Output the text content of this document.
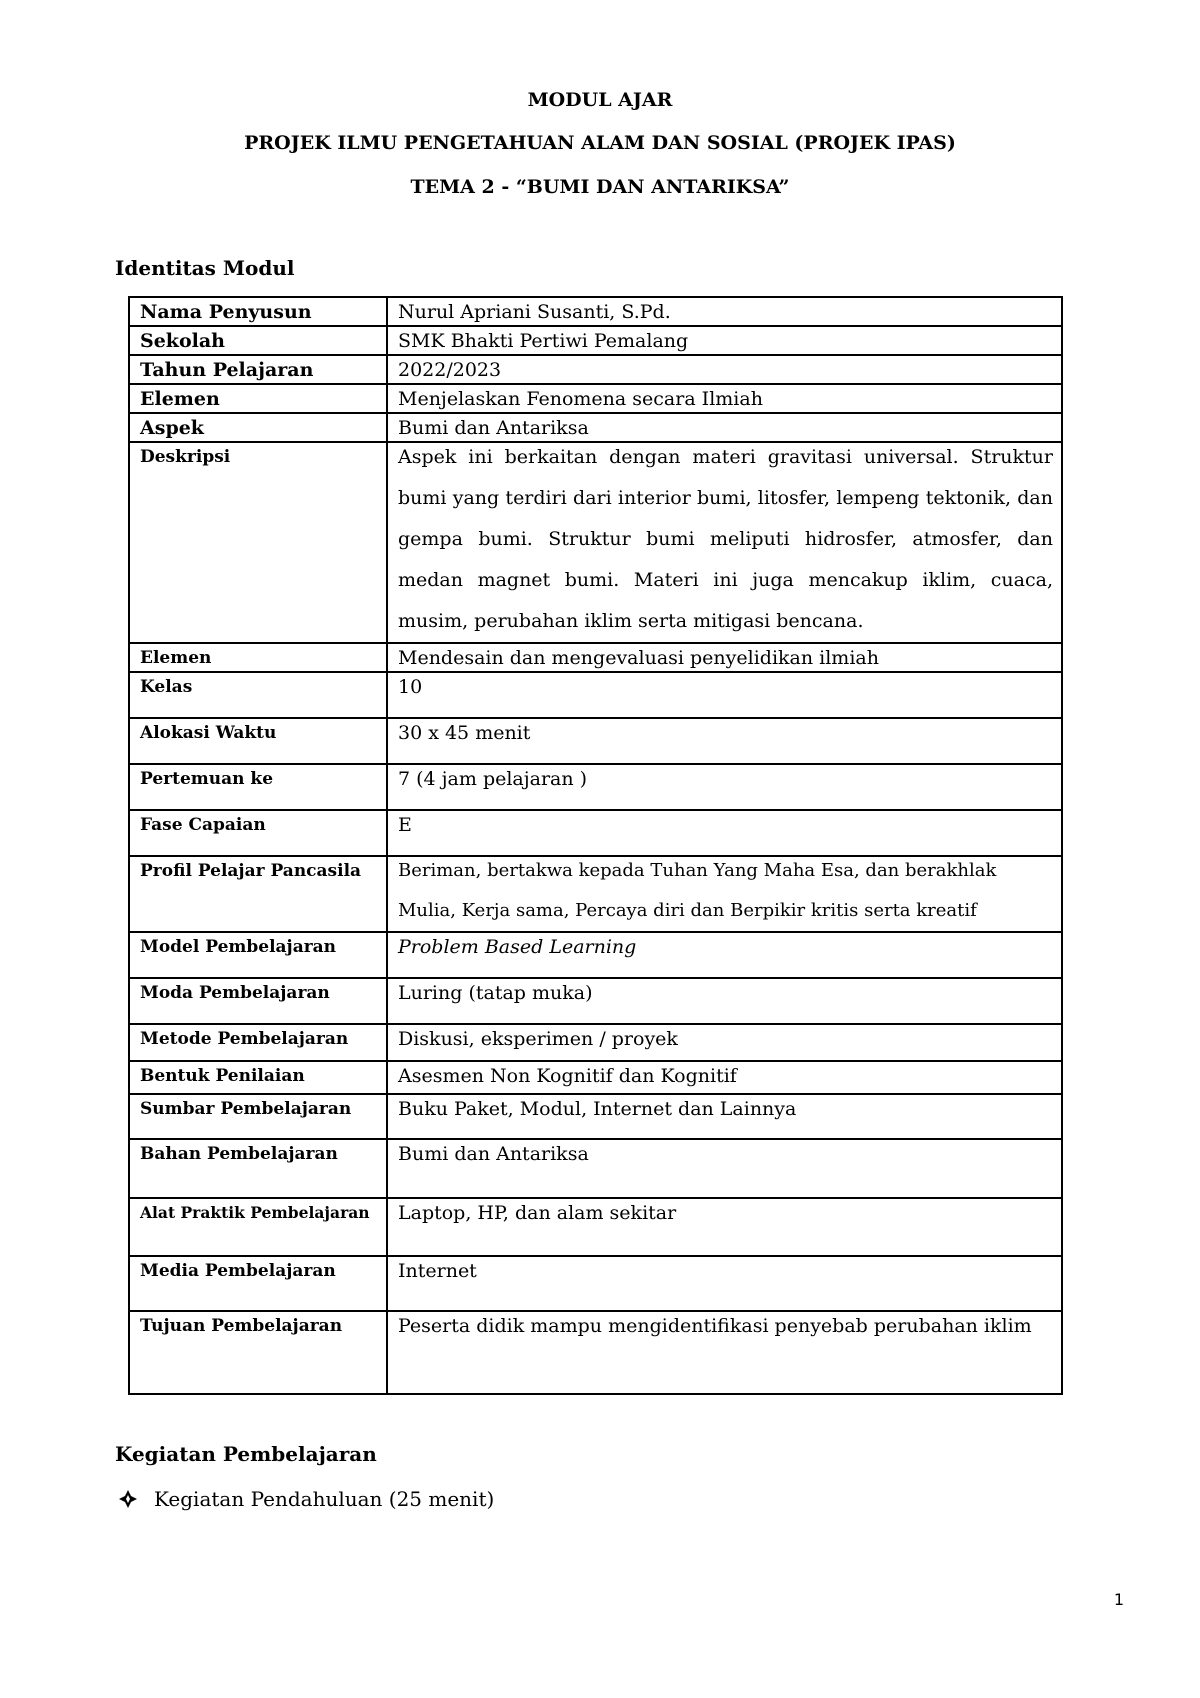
MODUL AJAR
PROJEK ILMU PENGETAHUAN ALAM DAN SOSIAL (PROJEK IPAS)
TEMA 2 - “BUMI DAN ANTARIKSA”
Identitas Modul
Nama Penyusun	Nurul Apriani Susanti, S.Pd.

Sekolah	SMK Bhakti Pertiwi Pemalang

Tahun Pelajaran	2022/2023

Elemen	Menjelaskan Fenomena secara Ilmiah

Aspek	Bumi dan Antariksa

Deskripsi	Aspek ini berkaitan dengan materi gravitasi universal. Struktur bumi yang terdiri dari interior bumi, litosfer, lempeng tektonik, dan gempa bumi. Struktur bumi meliputi hidrosfer, atmosfer, dan medan magnet bumi. Materi ini juga mencakup iklim, cuaca, musim, perubahan iklim serta mitigasi bencana.

Elemen	Mendesain dan mengevaluasi penyelidikan ilmiah

Kelas	10

Alokasi Waktu	30 x 45 menit

Pertemuan ke	7 (4 jam pelajaran )

Fase Capaian	E

Profil Pelajar Pancasila	Beriman, bertakwa kepada Tuhan Yang Maha Esa, dan berakhlak Mulia, Kerja sama, Percaya diri dan Berpikir kritis serta kreatif

Model Pembelajaran	Problem Based Learning

Moda Pembelajaran	Luring (tatap muka)

Metode Pembelajaran	Diskusi, eksperimen / proyek

Bentuk Penilaian	Asesmen Non Kognitif dan Kognitif

Sumbar Pembelajaran	Buku Paket, Modul, Internet dan Lainnya

Bahan Pembelajaran	Bumi dan Antariksa

Alat Praktik Pembelajaran	Laptop, HP, dan alam sekitar

Media Pembelajaran	Internet

Tujuan Pembelajaran	Peserta didik mampu mengidentifikasi penyebab perubahan iklim
Kegiatan Pembelajaran
Kegiatan Pendahuluan (25 menit)
1
